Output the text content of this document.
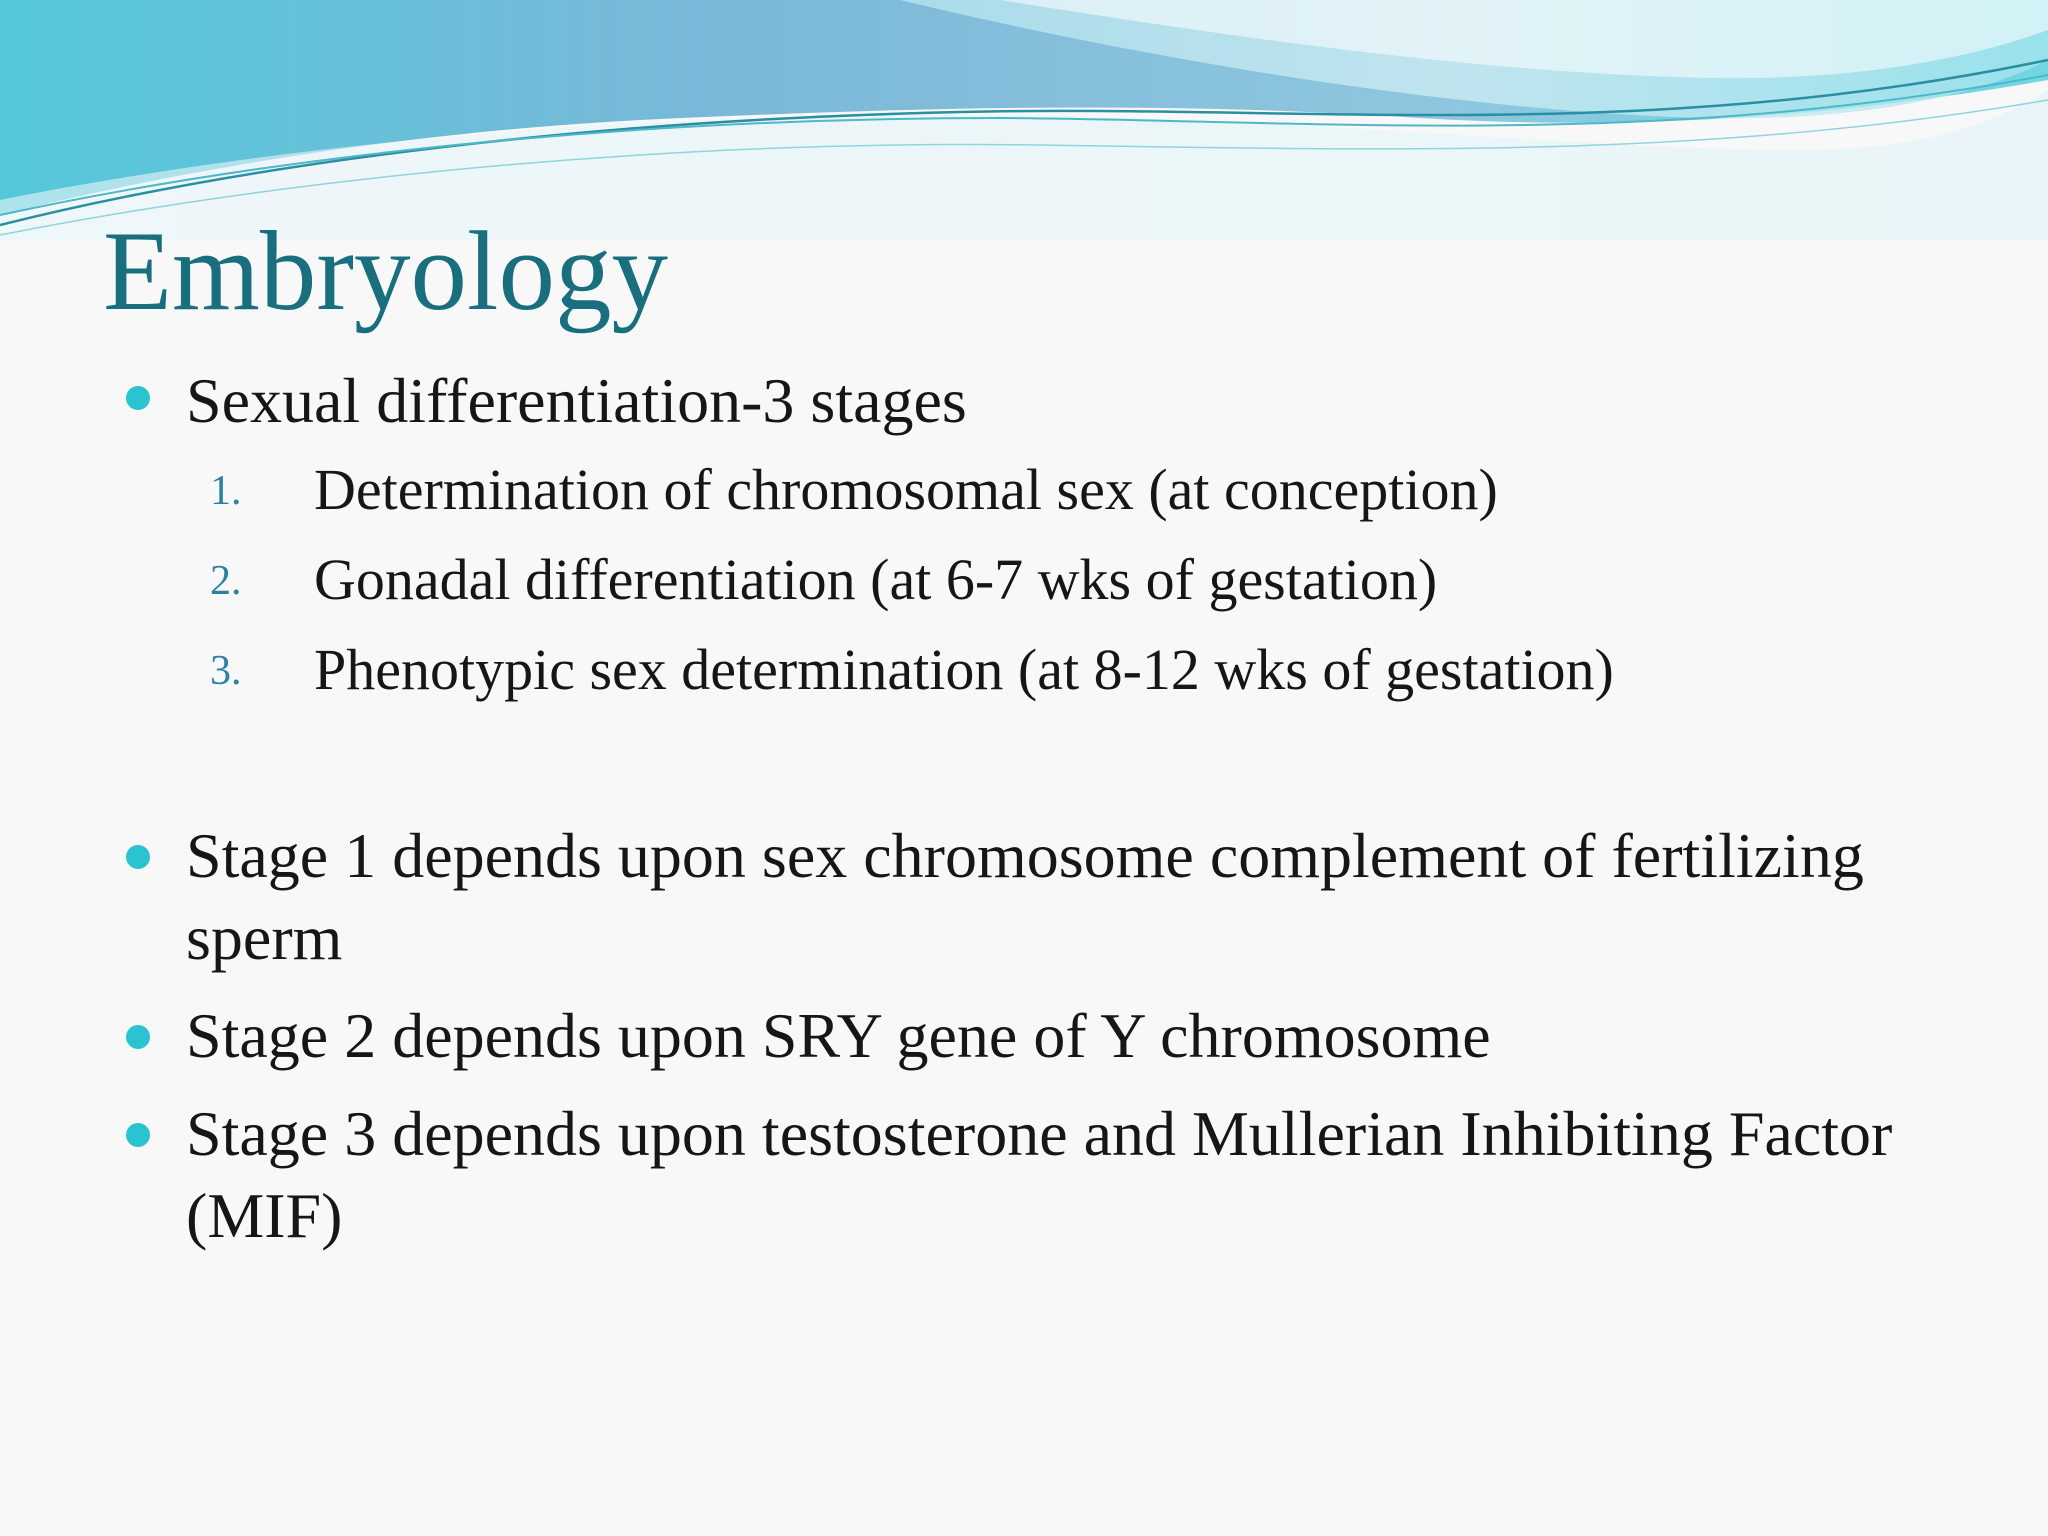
Embryology
Sexual differentiation-3 stages
1. Determination of chromosomal sex (at conception)
2. Gonadal differentiation (at 6-7 wks of gestation)
3. Phenotypic sex determination (at 8-12 wks of gestation)
Stage 1 depends upon sex chromosome complement of fertilizing sperm
Stage 2 depends upon SRY gene of Y chromosome
Stage 3 depends upon testosterone and Mullerian Inhibiting Factor (MIF)
